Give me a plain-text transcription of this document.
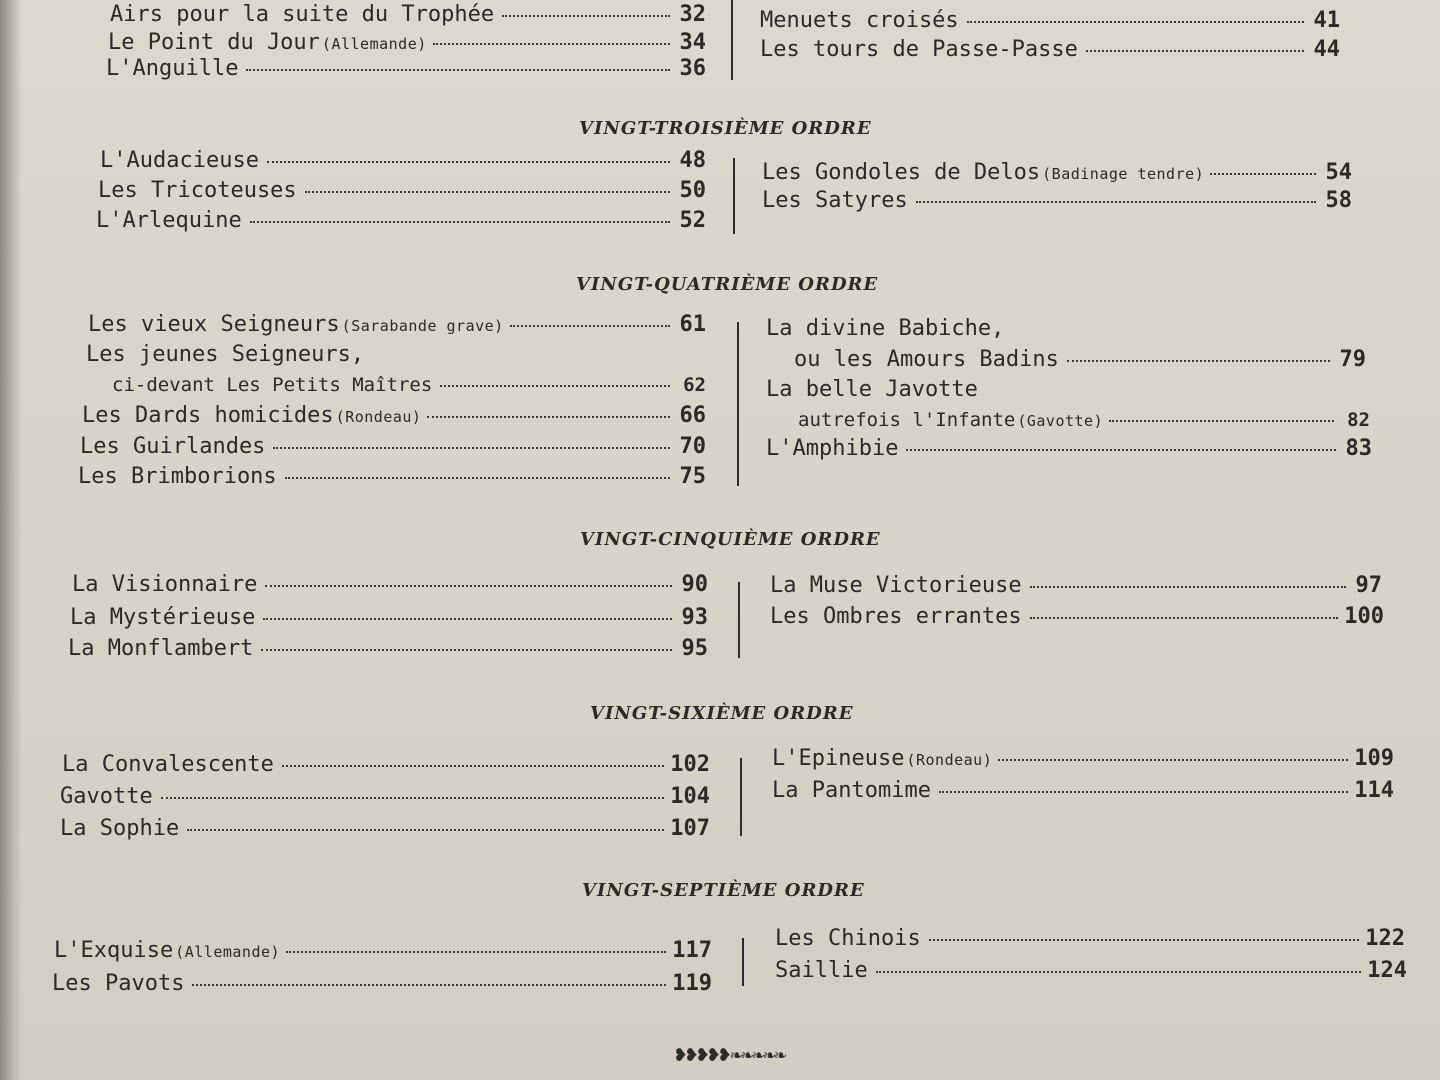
Airs pour la suite du Trophée	32
Le Point du Jour (Allemande)	34
L'Anguille	36
Menuets croisés	41
Les tours de Passe-Passe	44
VINGT-TROISIÈME ORDRE
L'Audacieuse	48
Les Tricoteuses	50
L'Arlequine	52
Les Gondoles de Delos (Badinage tendre)	54
Les Satyres	58
VINGT-QUATRIÈME ORDRE
Les vieux Seigneurs (Sarabande grave)	61
Les jeunes Seigneurs,
ci-devant Les Petits Maîtres	62
Les Dards homicides (Rondeau)	66
Les Guirlandes	70
Les Brimborions	75
La divine Babiche,
ou les Amours Badins	79
La belle Javotte
autrefois l'Infante (Gavotte)	82
L'Amphibie	83
VINGT-CINQUIÈME ORDRE
La Visionnaire	90
La Mystérieuse	93
La Monflambert	95
La Muse Victorieuse	97
Les Ombres errantes	100
VINGT-SIXIÈME ORDRE
La Convalescente	102
Gavotte	104
La Sophie	107
L'Epineuse (Rondeau)	109
La Pantomime	114
VINGT-SEPTIÈME ORDRE
L'Exquise (Allemande)	117
Les Pavots	119
Les Chinois	122
Saillie	124
❥❥❥❥❥❧❧❧❧❧
